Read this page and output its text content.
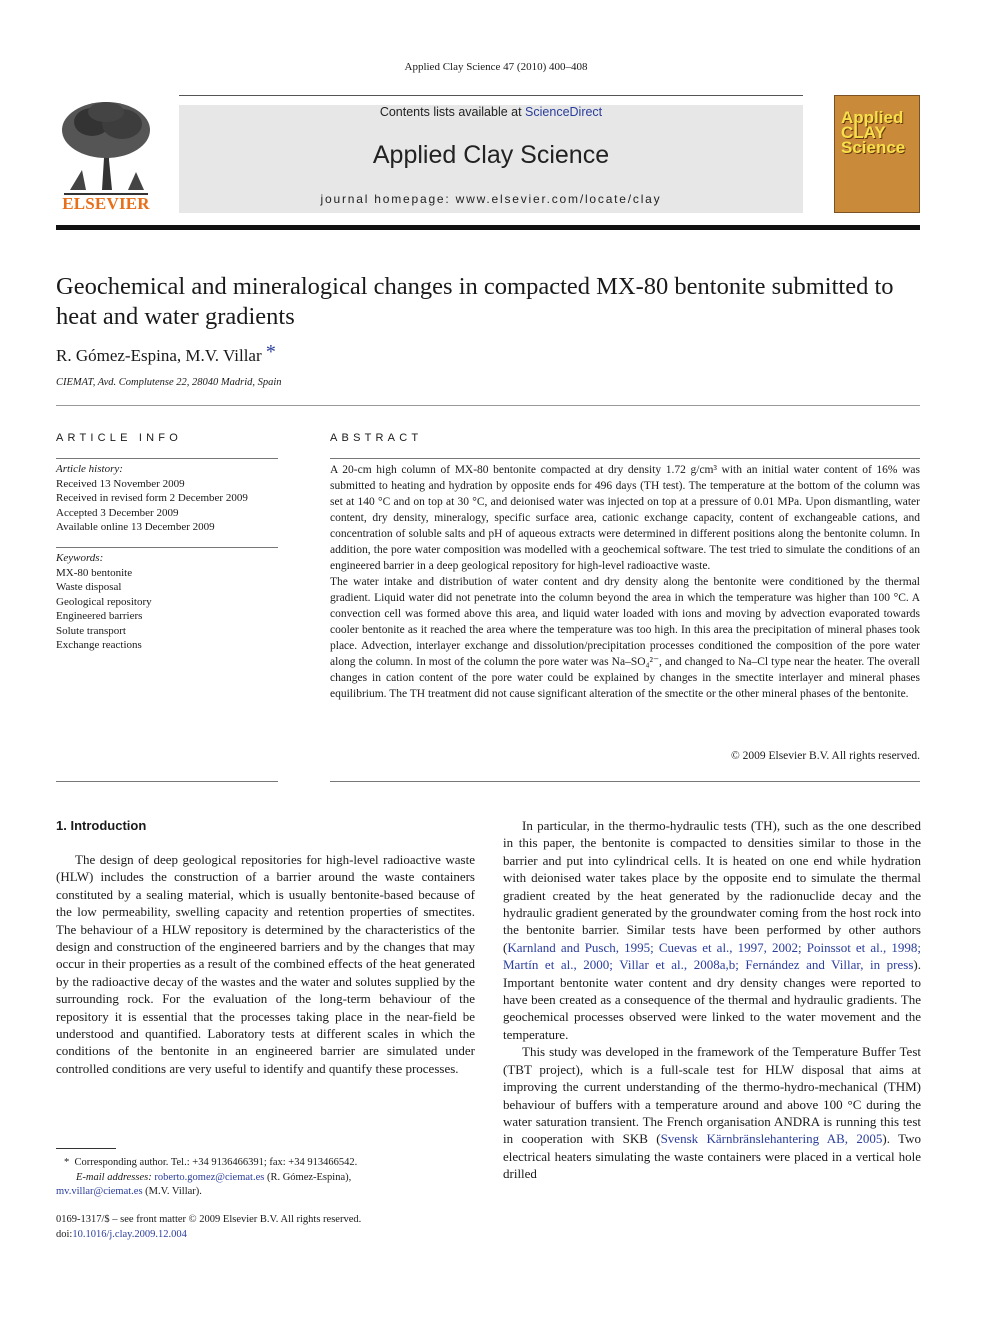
Applied Clay Science 47 (2010) 400–408
ELSEVIER
Contents lists available at ScienceDirect
Applied Clay Science
journal homepage: www.elsevier.com/locate/clay
Applied
CLAY
Science
Geochemical and mineralogical changes in compacted MX-80 bentonite submitted to heat and water gradients
R. Gómez-Espina, M.V. Villar *
CIEMAT, Avd. Complutense 22, 28040 Madrid, Spain
ARTICLE INFO	ABSTRACT
Article history:
Received 13 November 2009
Received in revised form 2 December 2009
Accepted 3 December 2009
Available online 13 December 2009
Keywords:
MX-80 bentonite
Waste disposal
Geological repository
Engineered barriers
Solute transport
Exchange reactions

A 20-cm high column of MX-80 bentonite compacted at dry density 1.72 g/cm³ with an initial water content of 16% was submitted to heating and hydration by opposite ends for 496 days (TH test). The temperature at the bottom of the column was set at 140 °C and on top at 30 °C, and deionised water was injected on top at a pressure of 0.01 MPa. Upon dismantling, water content, dry density, mineralogy, specific surface area, cationic exchange capacity, content of exchangeable cations, and concentration of soluble salts and pH of aqueous extracts were determined in different positions along the bentonite column. In addition, the pore water composition was modelled with a geochemical software. The test tried to simulate the conditions of an engineered barrier in a deep geological repository for high-level radioactive waste.

The water intake and distribution of water content and dry density along the bentonite were conditioned by the thermal gradient. Liquid water did not penetrate into the column beyond the area in which the temperature was higher than 100 °C. A convection cell was formed above this area, and liquid water loaded with ions and moving by advection evaporated towards cooler bentonite as it reached the area where the temperature was too high. In this area the precipitation of mineral phases took place. Advection, interlayer exchange and dissolution/precipitation processes conditioned the composition of the pore water along the column. In most of the column the pore water was Na–SO₄²⁻, and changed to Na–Cl type near the heater. The overall changes in cation content of the pore water could be explained by changes in the smectite interlayer and mineral phases equilibrium. The TH treatment did not cause significant alteration of the smectite or the other mineral phases of the bentonite.

© 2009 Elsevier B.V. All rights reserved.
1. Introduction

The design of deep geological repositories for high-level radioactive waste (HLW) includes the construction of a barrier around the waste containers constituted by a sealing material, which is usually bentonite-based because of the low permeability, swelling capacity and retention properties of smectites. The behaviour of a HLW repository is determined by the characteristics of the design and construction of the engineered barriers and by the changes that may occur in their properties as a result of the combined effects of the heat generated by the radioactive decay of the wastes and the water and solutes supplied by the surrounding rock. For the evaluation of the long-term behaviour of the repository it is essential that the processes taking place in the near-field be understood and quantified. Laboratory tests at different scales in which the conditions of the bentonite in an engineered barrier are simulated under controlled conditions are very useful to identify and quantify these processes.

In particular, in the thermo-hydraulic tests (TH), such as the one described in this paper, the bentonite is compacted to densities similar to those in the barrier and put into cylindrical cells. It is heated on one end while hydration with deionised water takes place by the opposite end to simulate the thermal gradient created by the heat generated by the radionuclide decay and the hydraulic gradient generated by the groundwater coming from the host rock into the bentonite barrier. Similar tests have been performed by other authors (Karnland and Pusch, 1995; Cuevas et al., 1997, 2002; Poinssot et al., 1998; Martín et al., 2000; Villar et al., 2008a,b; Fernández and Villar, in press). Important bentonite water content and dry density changes were reported to have been created as a consequence of the thermal and hydraulic gradients. The geochemical processes observed were linked to the water movement and the temperature.

This study was developed in the framework of the Temperature Buffer Test (TBT project), which is a full-scale test for HLW disposal that aims at improving the current understanding of the thermo-hydro-mechanical (THM) behaviour of buffers with a temperature around and above 100 °C during the water saturation transient. The French organisation ANDRA is running this test in cooperation with SKB (Svensk Kärnbränslehantering AB, 2005). Two electrical heaters simulating the waste containers were placed in a vertical hole drilled

* Corresponding author. Tel.: +34 9136466391; fax: +34 913466542.
E-mail addresses: roberto.gomez@ciemat.es (R. Gómez-Espina),
mv.villar@ciemat.es (M.V. Villar).
0169-1317/$ – see front matter © 2009 Elsevier B.V. All rights reserved.
doi:10.1016/j.clay.2009.12.004
